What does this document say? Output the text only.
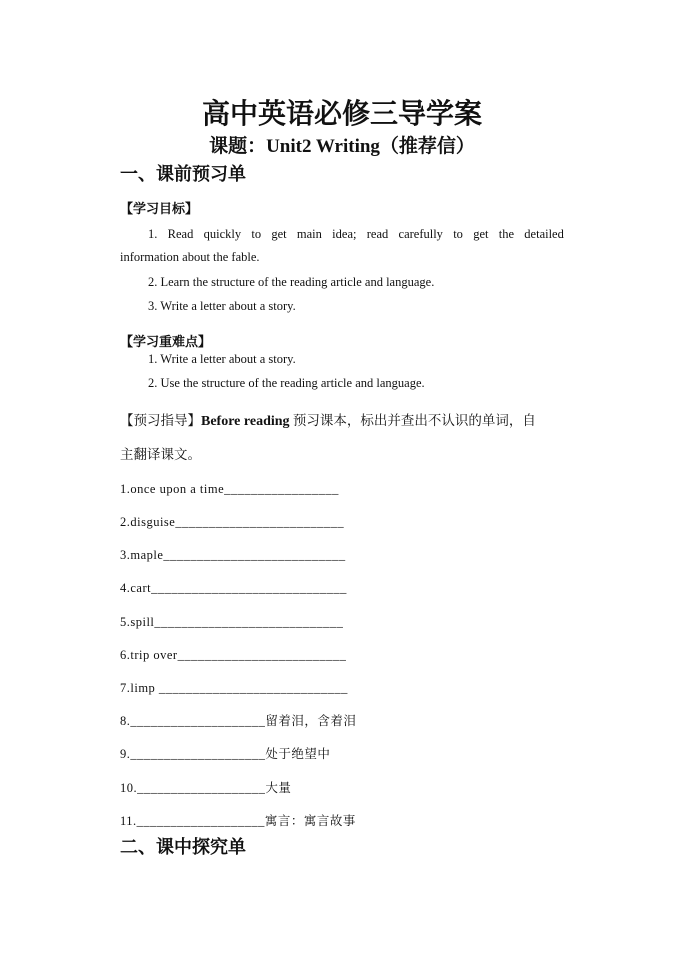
高中英语必修三导学案
课题：Unit2 Writing（推荐信）
一、课前预习单
【学习目标】
1. Read quickly to get main idea; read carefully to get the detailed
information about the fable.
2. Learn the structure of the reading article and language.
3. Write a letter about a story.
【学习重难点】
1. Write a letter about a story.
2. Use the structure of the reading article and language.
【预习指导】Before reading 预习课本，标出并查出不认识的单词，自
主翻译课文。
1.once upon a time_________________
2.disguise_________________________
3.maple___________________________
4.cart_____________________________
5.spill____________________________
6.trip over_________________________
7.limp ____________________________
8.____________________留着泪，含着泪
9.____________________处于绝望中
10.___________________大量
11.___________________寓言：寓言故事
二、课中探究单
